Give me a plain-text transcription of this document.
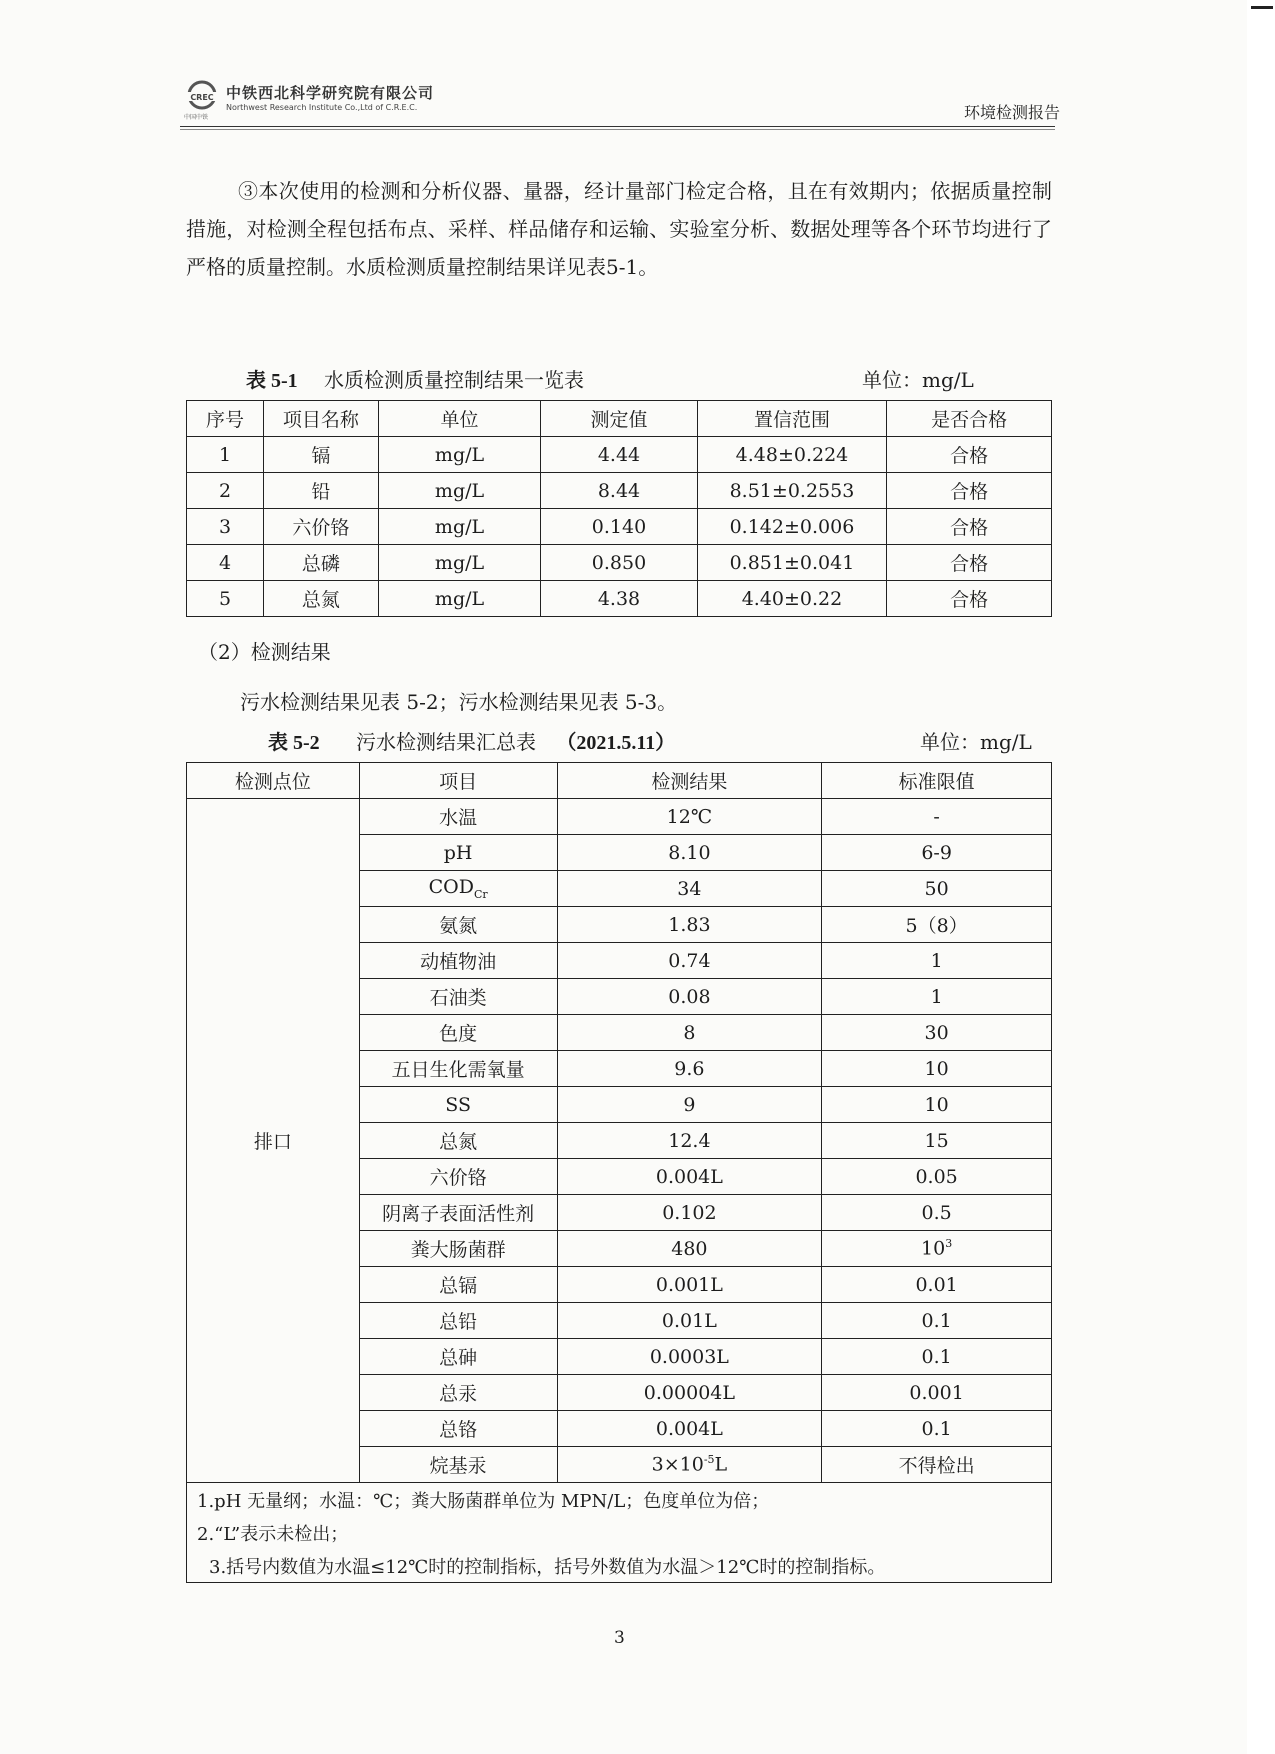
CREC
中国中铁
中铁西北科学研究院有限公司
Northwest Research Institute Co.,Ltd of C.R.E.C.	环境检测报告
③本次使用的检测和分析仪器、量器，经计量部门检定合格，且在有效期内；依据质量控制措施，对检测全程包括布点、采样、样品储存和运输、实验室分析、数据处理等各个环节均进行了严格的质量控制。水质检测质量控制结果详见表5-1。
表 5-1 水质检测质量控制结果一览表	单位：mg/L
序号	项目名称	单位	测定值	置信范围	是否合格
1	镉	mg/L	4.44	4.48±0.224	合格
2	铅	mg/L	8.44	8.51±0.2553	合格
3	六价铬	mg/L	0.140	0.142±0.006	合格
4	总磷	mg/L	0.850	0.851±0.041	合格
5	总氮	mg/L	4.38	4.40±0.22	合格
（2）检测结果
污水检测结果见表 5-2；污水检测结果见表 5-3。
表 5-2 污水检测结果汇总表 （2021.5.11）	单位：mg/L
检测点位	项目	检测结果	标准限值
排口	水温	12℃	-
	pH	8.10	6-9
	$COD_{Cr}$	34	50
	氨氮	1.83	5（8）
	动植物油	0.74	1
	石油类	0.08	1
	色度	8	30
	五日生化需氧量	9.6	10
	SS	9	10
	总氮	12.4	15
	六价铬	0.004L	0.05
	阴离子表面活性剂	0.102	0.5
	粪大肠菌群	480	$10^3$
	总镉	0.001L	0.01
	总铅	0.01L	0.1
	总砷	0.0003L	0.1
	总汞	0.00004L	0.001
	总铬	0.004L	0.1
	烷基汞	$3\times 10^{-5}L$	不得检出
1.pH 无量纲；水温：℃；粪大肠菌群单位为 MPN/L；色度单位为倍；			
2.“L”表示未检出；			
3.括号内数值为水温≤12℃时的控制指标，括号外数值为水温＞12℃时的控制指标。			
3
